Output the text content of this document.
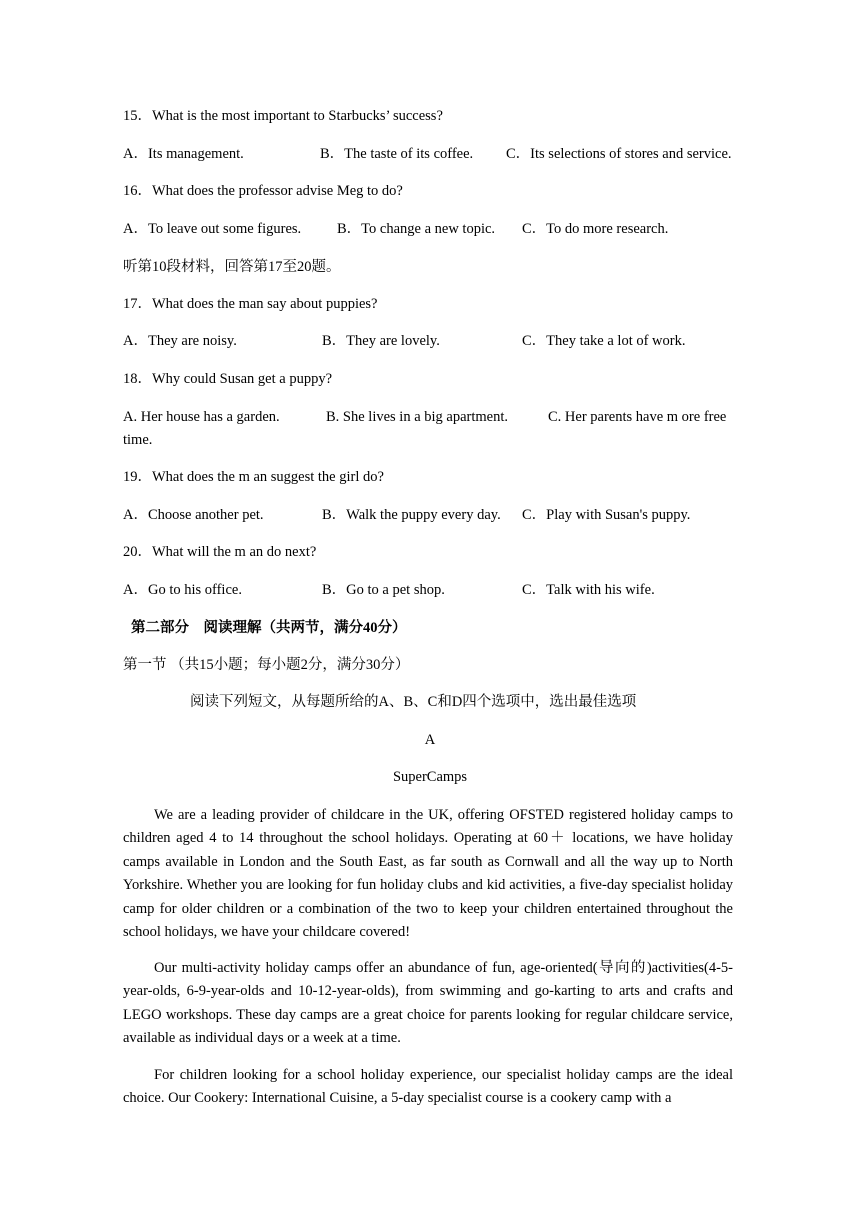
15．What is the most important to Starbucks’ success?
A．Its management.	B．The taste of its coffee. C．Its selections of stores and service.
16．What does the professor advise Meg to do?
A．To leave out some figures. B．To change a new topic. C．To do more research.
听第10段材料，回答第17至20题。
17．What does the man say about puppies?
A．They are noisy.	B．They are lovely.	C．They take a lot of work.
18．Why could Susan get a puppy?
A. Her house has a garden.	B. She lives in a big apartment.	C. Her parents have m ore free
time.
19．What does the m an suggest the girl do?
A．Choose another pet.	B．Walk the puppy every day. C．Play with Susan's puppy.
20．What will the m an do next?
A．Go to his office.	B．Go to a pet shop.	C．Talk with his wife.
第二部分　阅读理解（共两节，满分40分）
第一节 （共15小题；每小题2分，满分30分）
阅读下列短文，从每题所给的A、B、C和D四个选项中，选出最佳选项
A
SuperCamps
We are a leading provider of childcare in the UK, offering OFSTED registered holiday camps to children aged 4 to 14 throughout the school holidays. Operating at 60＋ locations, we have holiday camps available in London and the South East, as far south as Cornwall and all the way up to North Yorkshire. Whether you are looking for fun holiday clubs and kid activities, a five-day specialist holiday camp for older children or a combination of the two to keep your children entertained throughout the school holidays, we have your childcare covered!
Our multi-activity holiday camps offer an abundance of fun, age-oriented(导向的)activities(4-5-year-olds, 6-9-year-olds and 10-12-year-olds), from swimming and go-karting to arts and crafts and LEGO workshops. These day camps are a great choice for parents looking for regular childcare service, available as individual days or a week at a time.
For children looking for a school holiday experience, our specialist holiday camps are the ideal choice. Our Cookery: International Cuisine, a 5-day specialist course is a cookery camp with a
